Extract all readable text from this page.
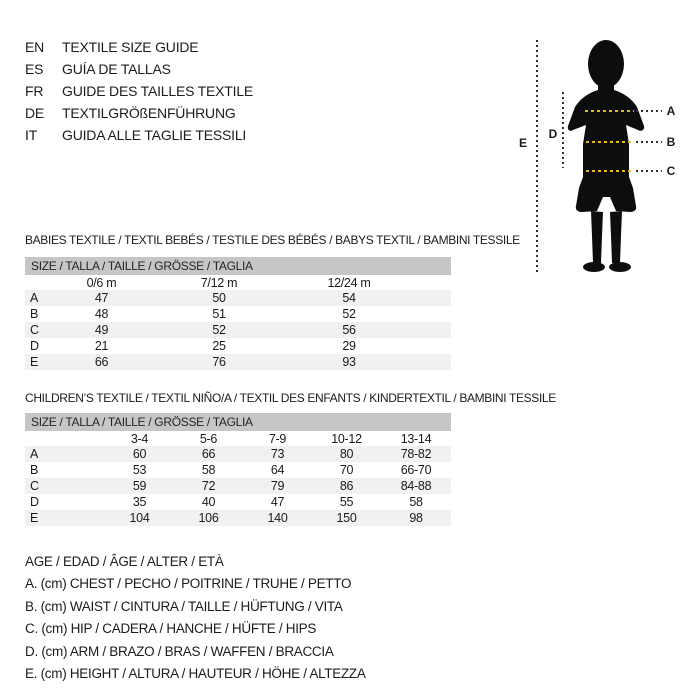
EN TEXTILE SIZE GUIDE
ES GUÍA DE TALLAS
FR GUIDE DES TAILLES TEXTILE
DE TEXTILGRÖßENFÜHRUNG
IT GUIDA ALLE TAGLIE TESSILI
A
B
C
D
E
BABIES TEXTILE / TEXTIL BEBÉS / TESTILE DES BÉBÉS / BABYS TEXTIL / BAMBINI TESSILE
SIZE / TALLA / TAILLE / GRÖSSE / TAGLIA
	0/6 m	7/12 m	12/24 m	
A	47	50	54	
B	48	51	52	
C	49	52	56	
D	21	25	29	
E	66	76	93	
CHILDREN’S TEXTILE / TEXTIL NIÑO/A / TEXTIL DES ENFANTS / KINDERTEXTIL / BAMBINI TESSILE
SIZE / TALLA / TAILLE / GRÖSSE / TAGLIA
	3-4	5-6	7-9	10-12	13-14
A	60	66	73	80	78-82
B	53	58	64	70	66-70
C	59	72	79	86	84-88
D	35	40	47	55	58
E	104	106	140	150	98
AGE / EDAD / ÂGE / ALTER / ETÀ
A. (cm) CHEST / PECHO / POITRINE / TRUHE / PETTO
B. (cm) WAIST / CINTURA / TAILLE / HÜFTUNG / VITA
C. (cm) HIP / CADERA / HANCHE / HÜFTE / HIPS
D. (cm) ARM / BRAZO / BRAS / WAFFEN / BRACCIA
E. (cm) HEIGHT / ALTURA / HAUTEUR / HÖHE / ALTEZZA
